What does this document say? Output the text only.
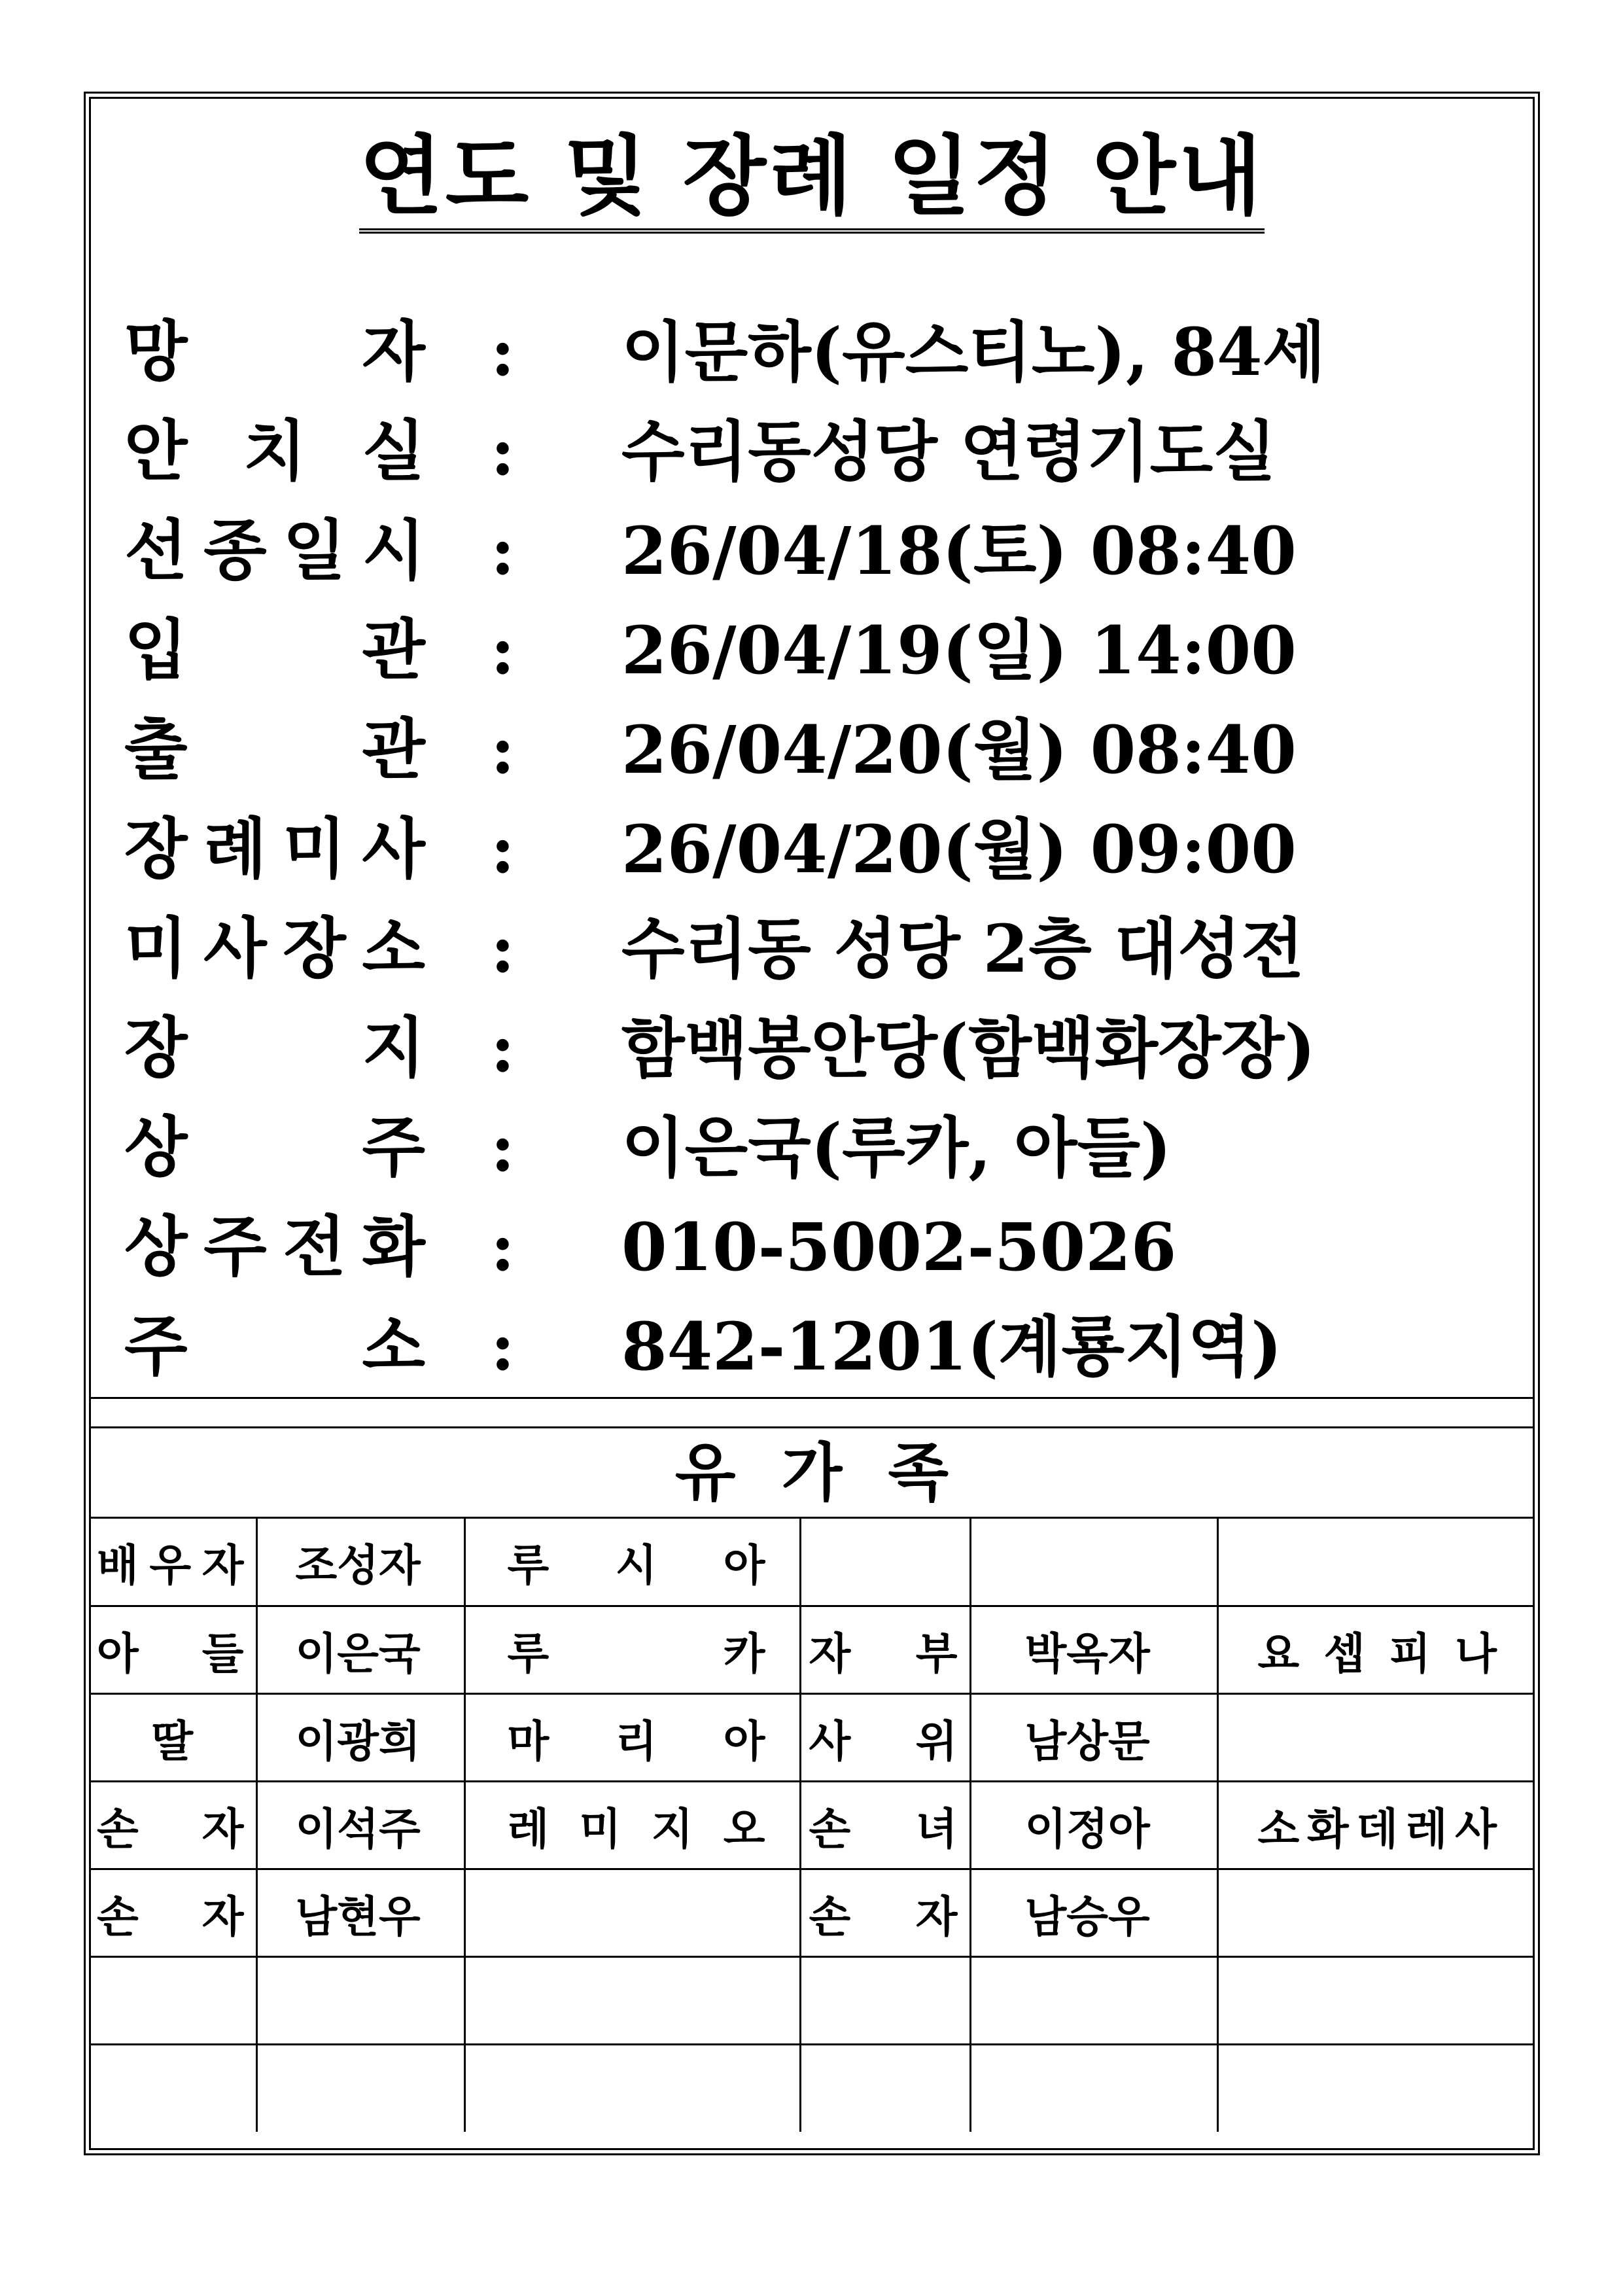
연도 및 장례 일정 안내
망	자 : 이문하(유스티노), 84세
안 치 실 : 수리동성당 연령기도실
선 종 일 시 : 26/04/18(토) 08:40
입	관 : 26/04/19(일) 14:00
출	관 : 26/04/20(월) 08:40
장 례 미 사 : 26/04/20(월) 09:00
미 사 장 소 : 수리동 성당 2층 대성전
장	지 : 함백봉안당(함백화장장)
상	주 : 이은국(루카, 아들)
상 주 전 화 : 010-5002-5026
주	소 : 842-1201(계룡지역)
유가족
배 우 자	조성자	루 시 아			

아 들	이은국	루 카	자 부	박옥자	요 셉 피 나

딸	이광희	마 리 아	사 위	남상문	

손 자	이석주	레 미 지 오	손 녀	이정아	소 화 데 레 사

손 자	남현우		손 자	남승우	
